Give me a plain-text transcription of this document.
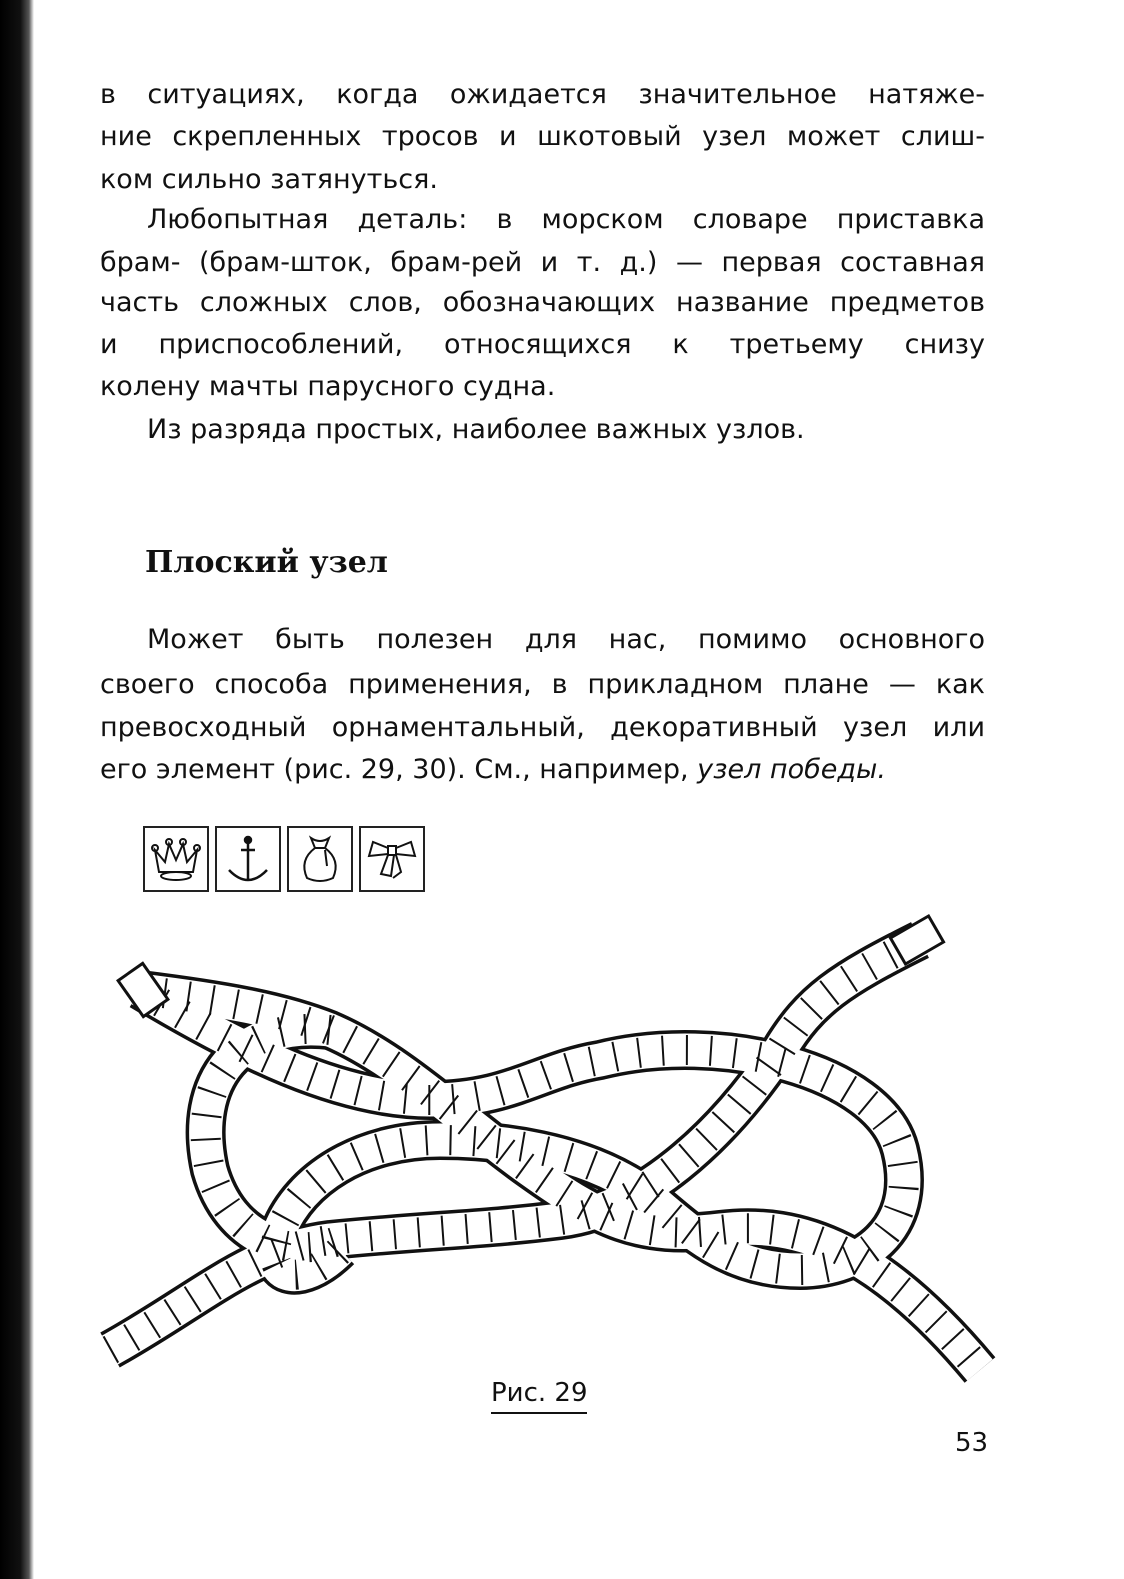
в ситуациях, когда ожидается значительное натяже-
ние скрепленных тросов и шкотовый узел может слиш-
ком сильно затянуться.
Любопытная деталь: в морском словаре приставка
брам- (брам-шток, брам-рей и т. д.) — первая составная
часть сложных слов, обозначающих название предметов
и приспособлений, относящихся к третьему снизу
колену мачты парусного судна.
Из разряда простых, наиболее важных узлов.
Плоский узел
Может быть полезен для нас, помимо основного
своего способа применения, в прикладном плане — как
превосходный орнаментальный, декоративный узел или
его элемент (рис. 29, 30). См., например, узел победы.
Рис. 29
53
